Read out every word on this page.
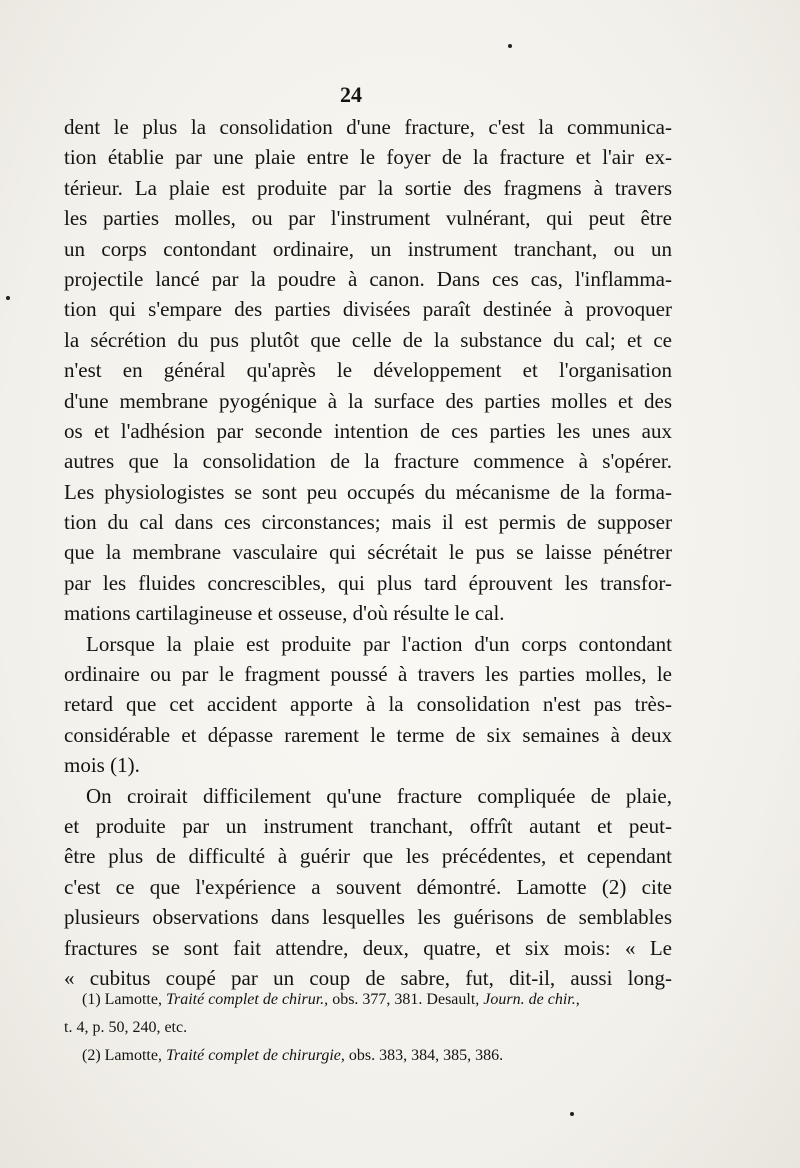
24
dent le plus la consolidation d'une fracture, c'est la communica-
tion établie par une plaie entre le foyer de la fracture et l'air ex-
térieur. La plaie est produite par la sortie des fragmens à travers
les parties molles, ou par l'instrument vulnérant, qui peut être
un corps contondant ordinaire, un instrument tranchant, ou un
projectile lancé par la poudre à canon. Dans ces cas, l'inflamma-
tion qui s'empare des parties divisées paraît destinée à provoquer
la sécrétion du pus plutôt que celle de la substance du cal; et ce
n'est en général qu'après le développement et l'organisation
d'une membrane pyogénique à la surface des parties molles et des
os et l'adhésion par seconde intention de ces parties les unes aux
autres que la consolidation de la fracture commence à s'opérer.
Les physiologistes se sont peu occupés du mécanisme de la forma-
tion du cal dans ces circonstances; mais il est permis de supposer
que la membrane vasculaire qui sécrétait le pus se laisse pénétrer
par les fluides concrescibles, qui plus tard éprouvent les transfor-
mations cartilagineuse et osseuse, d'où résulte le cal.
Lorsque la plaie est produite par l'action d'un corps contondant
ordinaire ou par le fragment poussé à travers les parties molles, le
retard que cet accident apporte à la consolidation n'est pas très-
considérable et dépasse rarement le terme de six semaines à deux
mois (1).
On croirait difficilement qu'une fracture compliquée de plaie,
et produite par un instrument tranchant, offrît autant et peut-
être plus de difficulté à guérir que les précédentes, et cependant
c'est ce que l'expérience a souvent démontré. Lamotte (2) cite
plusieurs observations dans lesquelles les guérisons de semblables
fractures se sont fait attendre, deux, quatre, et six mois: « Le
« cubitus coupé par un coup de sabre, fut, dit-il, aussi long-
(1) Lamotte, Traité complet de chirur., obs. 377, 381. Desault, Journ. de chir.,
t. 4, p. 50, 240, etc.
(2) Lamotte, Traité complet de chirurgie, obs. 383, 384, 385, 386.
